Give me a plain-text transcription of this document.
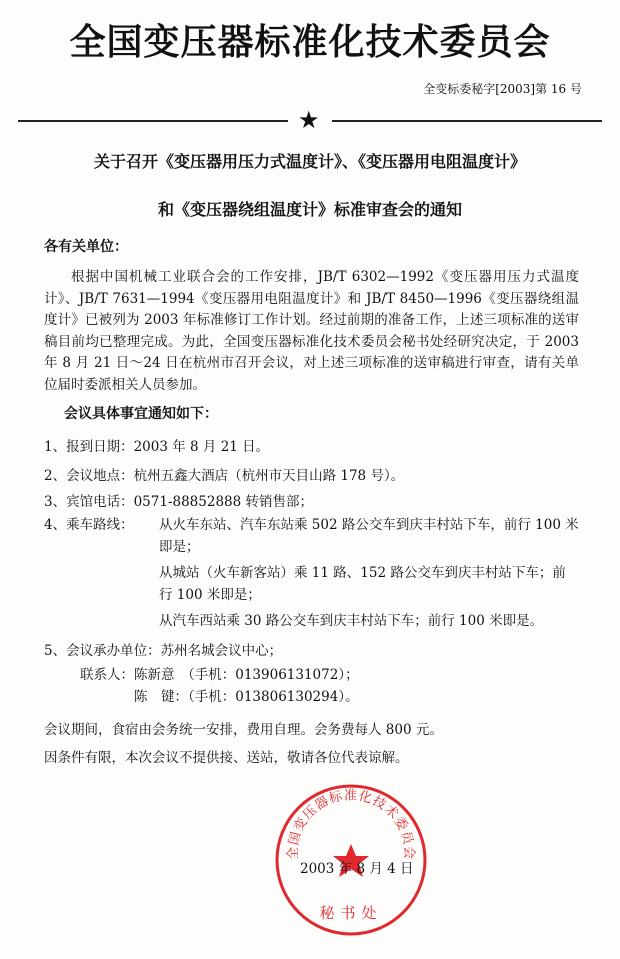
全国变压器标准化技术委员会
全变标委秘字[2003]第 16 号
★
关于召开《变压器用压力式温度计》、《变压器用电阻温度计》
和《变压器绕组温度计》标准审查会的通知
各有关单位：
根据中国机械工业联合会的工作安排，JB/T 6302—1992《变压器用压力式温度计》、JB/T 7631—1994《变压器用电阻温度计》和 JB/T 8450—1996《变压器绕组温度计》已被列为 2003 年标准修订工作计划。经过前期的准备工作，上述三项标准的送审稿目前均已整理完成。为此，全国变压器标准化技术委员会秘书处经研究决定，于 2003 年 8 月 21 日～24 日在杭州市召开会议，对上述三项标准的送审稿进行审查，请有关单位届时委派相关人员参加。
会议具体事宜通知如下：
1、报到日期：2003 年 8 月 21 日。
2、会议地点：杭州五鑫大酒店（杭州市天目山路 178 号）。
3、宾馆电话：0571-88852888 转销售部；
4、乘车路线： 从火车东站、汽车东站乘 502 路公交车到庆丰村站下车，前行 100 米即是；
从城站（火车新客站）乘 11 路、152 路公交车到庆丰村站下车；前行 100 米即是；
从汽车西站乘 30 路公交车到庆丰村站下车；前行 100 米即是。
5、会议承办单位：苏州名城会议中心；
联系人：陈新意　（手机：013906131072）；
　　　　陈　键：（手机：013806130294）。
会议期间，食宿由会务统一安排，费用自理。会务费每人 800 元。
因条件有限，本次会议不提供接、送站，敬请各位代表谅解。
全国变压器标准化技术委员会
秘书处
2003 年 8 月 4 日
